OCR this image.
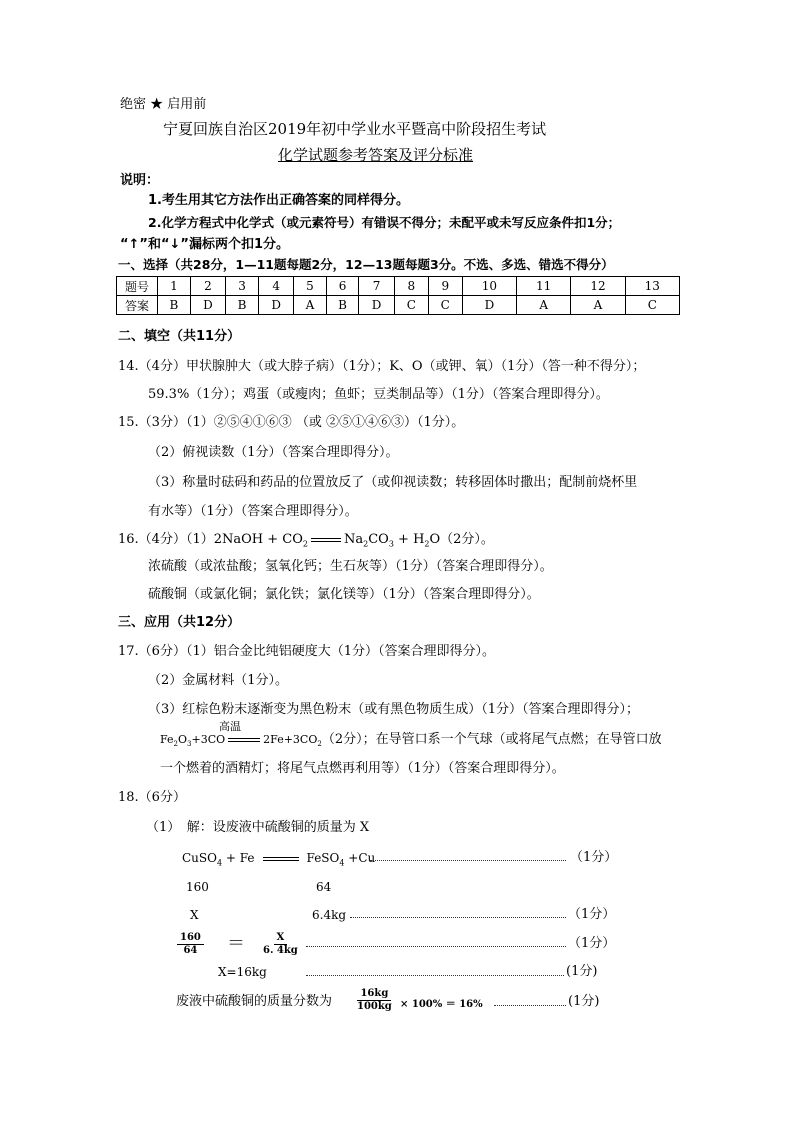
绝密 ★ 启用前
宁夏回族自治区2019年初中学业水平暨高中阶段招生考试
化学试题参考答案及评分标准
说明：
1.考生用其它方法作出正确答案的同样得分。
2.化学方程式中化学式（或元素符号）有错误不得分；未配平或未写反应条件扣1分；
“↑”和“↓”漏标两个扣1分。
一、选择（共28分，1—11题每题2分，12—13题每题3分。不选、多选、错选不得分）
题号	1	2	3	4	5	6	7	8	9	10	11	12	13
答案	B	D	B	D	A	B	D	C	C	D	A	A	C
二、填空（共11分）
14.（4分）甲状腺肿大（或大脖子病）（1分）；K、O（或钾、氧）（1分）（答一种不得分）；
59.3%（1分）；鸡蛋（或瘦肉；鱼虾；豆类制品等）（1分）（答案合理即得分）。
15.（3分）（1）②⑤④①⑥③ （或 ②⑤①④⑥③）（1分）。
（2）俯视读数（1分）（答案合理即得分）。
（3）称量时砝码和药品的位置放反了（或仰视读数；转移固体时撒出；配制前烧杯里
有水等）（1分）（答案合理即得分）。
16.（4分）（1）2NaOH + $CO_2$	$Na_2CO_3 + H_2O(2$分）。
浓硫酸（或浓盐酸；氢氧化钙；生石灰等）（1分）（答案合理即得分）。
硫酸铜（或氯化铜；氯化铁；氯化镁等）（1分）（答案合理即得分）。
三、应用（共12分）
17.（6分）（1）铝合金比纯铝硬度大（1分）（答案合理即得分）。
（2）金属材料（1分）。
（3）红棕色粉末逐渐变为黑色粉末（或有黑色物质生成）（1分）（答案合理即得分）；
高温
$Fe_2O_3+3CO$	$2Fe+3CO_2(2$分）；在导管口系一个气球（或将尾气点燃；在导管口放
一个燃着的酒精灯；将尾气点燃再利用等）（1分）（答案合理即得分）。
18.（6分）
（1）　解：设废液中硫酸铜的质量为 X
CuSO$_4$ + Fe	FeSO$_4$ +Cu	（1分）
160	64
X	6.4kg	（1分）
$\frac{160}{64} = \frac{X}{6. 4kg}$	（1分）
X=16kg	(1分)
废液中硫酸铜的质量分数为 $\frac{16kg}{100kg} \times 100\% = 16\%$	(1分)
